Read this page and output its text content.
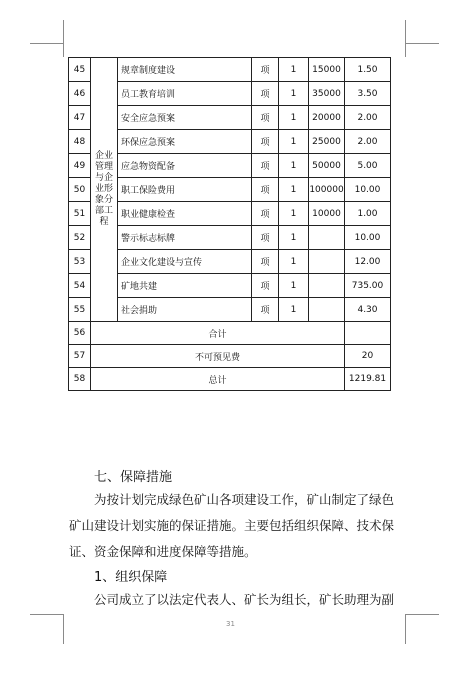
45	企业管理与企业形象分部工程	规章制度建设	项	1	15000	1.50
46		员工教育培训	项	1	35000	3.50
47		安全应急预案	项	1	20000	2.00
48		环保应急预案	项	1	25000	2.00
49		应急物资配备	项	1	50000	5.00
50		职工保险费用	项	1	100000	10.00
51		职业健康检查	项	1	10000	1.00
52		警示标志标牌	项	1		10.00
53		企业文化建设与宣传	项	1		12.00
54		矿地共建	项	1		735.00
55		社会捐助	项	1		4.30
56	合计					
57	不可预见费					20
58	总计					1219.81
七、保障措施
为按计划完成绿色矿山各项建设工作，矿山制定了绿色
矿山建设计划实施的保证措施。主要包括组织保障、技术保
证、资金保障和进度保障等措施。
1、组织保障
公司成立了以法定代表人、矿长为组长，矿长助理为副
31
